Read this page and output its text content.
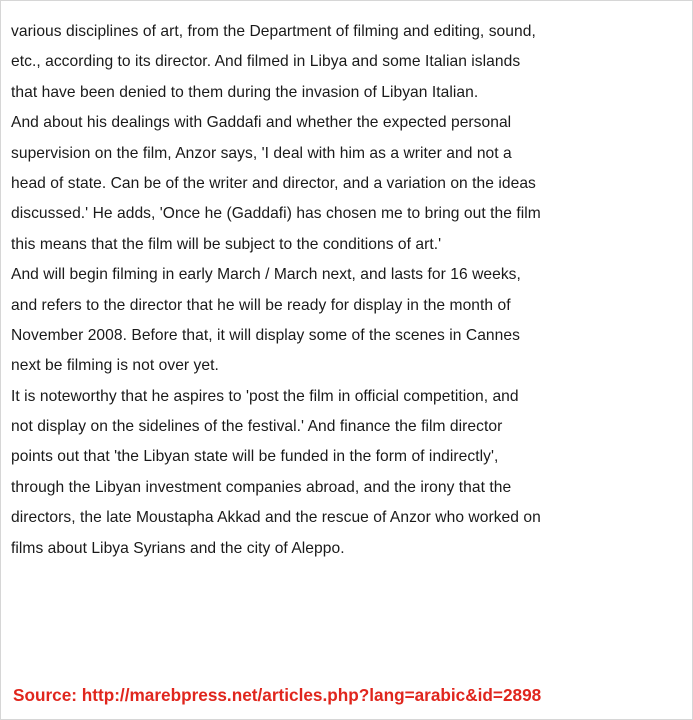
various disciplines of art, from the Department of filming and editing, sound,
etc., according to its director. And filmed in Libya and some Italian islands
that have been denied to them during the invasion of Libyan Italian.
And about his dealings with Gaddafi and whether the expected personal
supervision on the film, Anzor says, 'I deal with him as a writer and not a
head of state. Can be of the writer and director, and a variation on the ideas
discussed.' He adds, 'Once he (Gaddafi) has chosen me to bring out the film
this means that the film will be subject to the conditions of art.'
And will begin filming in early March / March next, and lasts for 16 weeks,
and refers to the director that he will be ready for display in the month of
November 2008. Before that, it will display some of the scenes in Cannes
next be filming is not over yet.
It is noteworthy that he aspires to 'post the film in official competition, and
not display on the sidelines of the festival.' And finance the film director
points out that 'the Libyan state will be funded in the form of indirectly',
through the Libyan investment companies abroad, and the irony that the
directors, the late Moustapha Akkad and the rescue of Anzor who worked on
films about Libya Syrians and the city of Aleppo.
Source: http://marebpress.net/articles.php?lang=arabic&id=2898
